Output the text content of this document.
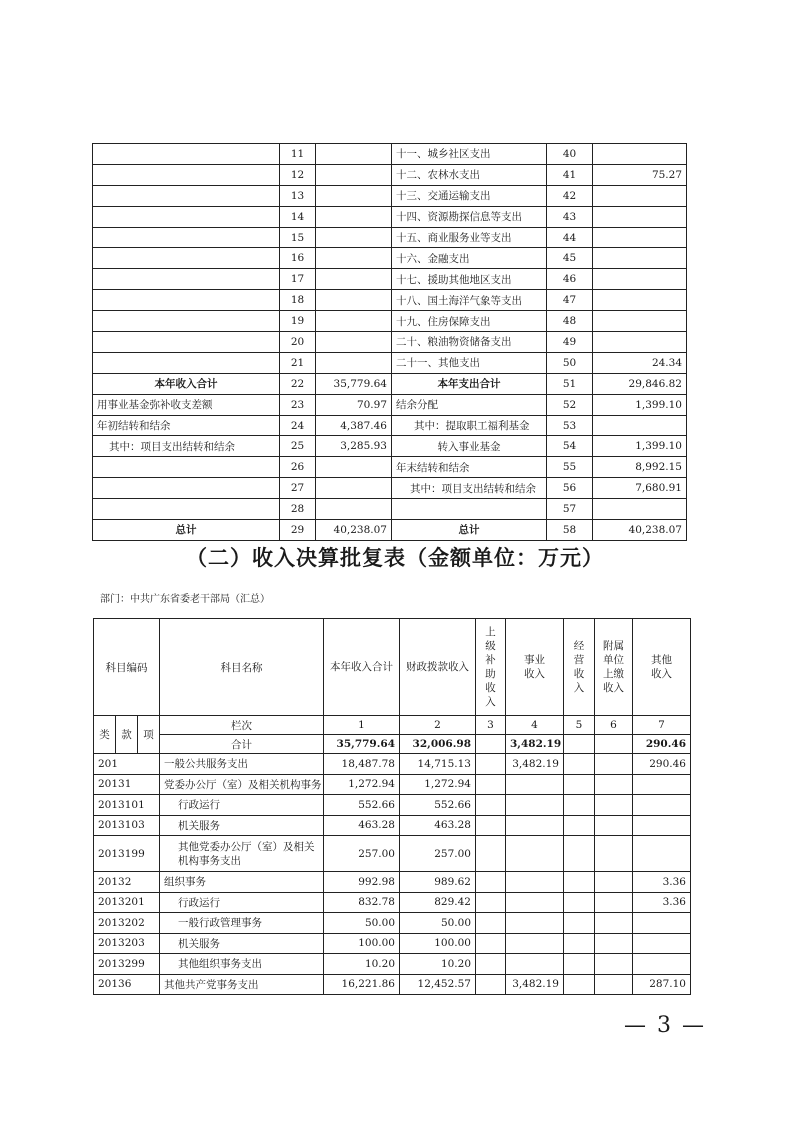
	11		十一、城乡社区支出	40	
	12		十二、农林水支出	41	75.27
	13		十三、交通运输支出	42	
	14		十四、资源勘探信息等支出	43	
	15		十五、商业服务业等支出	44	
	16		十六、金融支出	45	
	17		十七、援助其他地区支出	46	
	18		十八、国土海洋气象等支出	47	
	19		十九、住房保障支出	48	
	20		二十、粮油物资储备支出	49	
	21		二十一、其他支出	50	24.34
本年收入合计	22	35,779.64	本年支出合计	51	29,846.82
用事业基金弥补收支差额	23	70.97	结余分配	52	1,399.10
年初结转和结余	24	4,387.46	其中：提取职工福利基金	53	
其中：项目支出结转和结余	25	3,285.93	转入事业基金	54	1,399.10
	26		年末结转和结余	55	8,992.15
	27		其中：项目支出结转和结余	56	7,680.91
	28			57	
总计	29	40,238.07	总计	58	40,238.07
（二）收入决算批复表（金额单位：万元）
部门：中共广东省委老干部局（汇总）
科目编码			科目名称	本年收入合计	财政拨款收入	上级补助收入	事业收入	经营收入	附属单位上缴收入	其他收入
类	款	项	栏次	1	2	3	4	5	6	7
			合计	35,779.64	32,006.98		3,482.19			290.46
201			一般公共服务支出	18,487.78	14,715.13		3,482.19			290.46
20131			党委办公厅（室）及相关机构事务	1,272.94	1,272.94					
2013101			行政运行	552.66	552.66					
2013103			机关服务	463.28	463.28					
2013199			其他党委办公厅（室）及相关机构事务支出	257.00	257.00					
20132			组织事务	992.98	989.62					3.36
2013201			行政运行	832.78	829.42					3.36
2013202			一般行政管理事务	50.00	50.00					
2013203			机关服务	100.00	100.00					
2013299			其他组织事务支出	10.20	10.20					
20136			其他共产党事务支出	16,221.86	12,452.57		3,482.19			287.10
— 3 —
